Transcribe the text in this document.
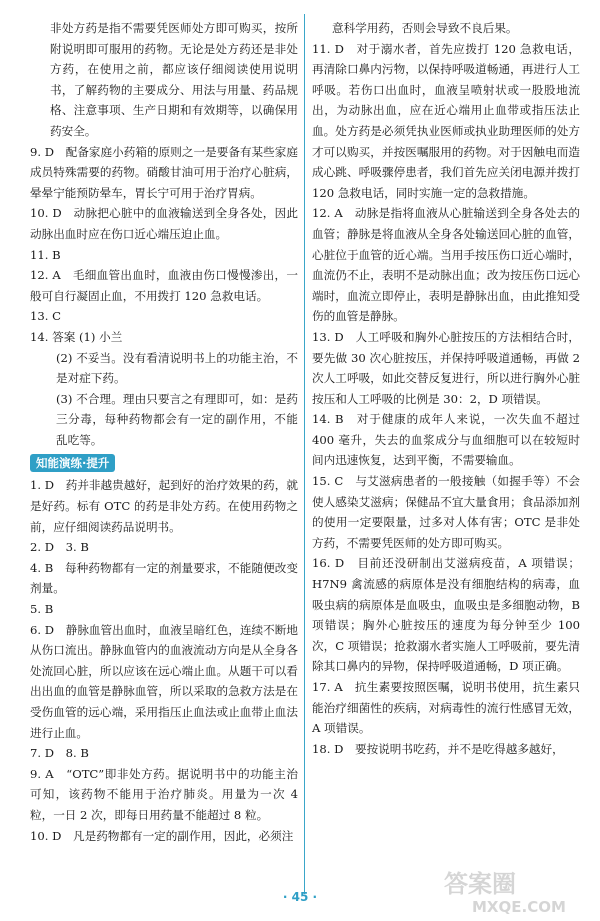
非处方药是指不需要凭医师处方即可购买，按所附说明即可服用的药物。无论是处方药还是非处方药，在使用之前，都应该仔细阅读使用说明书，了解药物的主要成分、用法与用量、药品规格、注意事项、生产日期和有效期等，以确保用药安全。

9. D　配备家庭小药箱的原则之一是要备有某些家庭成员特殊需要的药物。硝酸甘油可用于治疗心脏病，晕晕宁能预防晕车，胃长宁可用于治疗胃病。

10. D　动脉把心脏中的血液输送到全身各处，因此动脉出血时应在伤口近心端压迫止血。

11. B

12. A　毛细血管出血时，血液由伤口慢慢渗出，一般可自行凝固止血，不用拨打 120 急救电话。

13. C

14. 答案 (1) 小兰

(2) 不妥当。没有看清说明书上的功能主治，不是对症下药。

(3) 不合理。理由只要言之有理即可，如：是药三分毒，每种药物都会有一定的副作用，不能乱吃等。

知能演练·提升

1. D　药并非越贵越好，起到好的治疗效果的药，就是好药。标有 OTC 的药是非处方药。在使用药物之前，应仔细阅读药品说明书。

2. D　3. B

4. B　每种药物都有一定的剂量要求，不能随便改变剂量。

5. B

6. D　静脉血管出血时，血液呈暗红色，连续不断地从伤口流出。静脉血管内的血液流动方向是从全身各处流回心脏，所以应该在远心端止血。从题干可以看出出血的血管是静脉血管，所以采取的急救方法是在受伤血管的远心端，采用指压止血法或止血带止血法进行止血。

7. D　8. B

9. A　“OTC”即非处方药。据说明书中的功能主治可知，该药物不能用于治疗肺炎。用量为一次 4 粒，一日 2 次，即每日用药量不能超过 8 粒。

10. D　凡是药物都有一定的副作用，因此，必须注

意科学用药，否则会导致不良后果。

11. D　对于溺水者，首先应拨打 120 急救电话，再清除口鼻内污物，以保持呼吸道畅通，再进行人工呼吸。若伤口出血时，血液呈喷射状或一股股地流出，为动脉出血，应在近心端用止血带或指压法止血。处方药是必须凭执业医师或执业助理医师的处方才可以购买，并按医嘱服用的药物。对于因触电而造成心跳、呼吸骤停患者，我们首先应关闭电源并拨打 120 急救电话，同时实施一定的急救措施。

12. A　动脉是指将血液从心脏输送到全身各处去的血管；静脉是将血液从全身各处输送回心脏的血管，心脏位于血管的近心端。当用手按压伤口近心端时，血流仍不止，表明不是动脉出血；改为按压伤口远心端时，血流立即停止，表明是静脉出血，由此推知受伤的血管是静脉。

13. D　人工呼吸和胸外心脏按压的方法相结合时，要先做 30 次心脏按压，并保持呼吸道通畅，再做 2 次人工呼吸，如此交替反复进行，所以进行胸外心脏按压和人工呼吸的比例是 30：2，D 项错误。

14. B　对于健康的成年人来说，一次失血不超过 400 毫升，失去的血浆成分与血细胞可以在较短时间内迅速恢复，达到平衡，不需要输血。

15. C　与艾滋病患者的一般接触（如握手等）不会使人感染艾滋病；保健品不宜大量食用；食品添加剂的使用一定要限量，过多对人体有害；OTC 是非处方药，不需要凭医师的处方即可购买。

16. D　目前还没研制出艾滋病疫苗，A 项错误；H7N9 禽流感的病原体是没有细胞结构的病毒，血吸虫病的病原体是血吸虫，血吸虫是多细胞动物，B 项错误；胸外心脏按压的速度为每分钟至少 100 次，C 项错误；抢救溺水者实施人工呼吸前，要先清除其口鼻内的异物，保持呼吸道通畅，D 项正确。

17. A　抗生素要按照医嘱，说明书使用，抗生素只能治疗细菌性的疾病，对病毒性的流行性感冒无效，A 项错误。

18. D　要按说明书吃药，并不是吃得越多越好，

· 45 ·	答案圈
MXQE.COM
